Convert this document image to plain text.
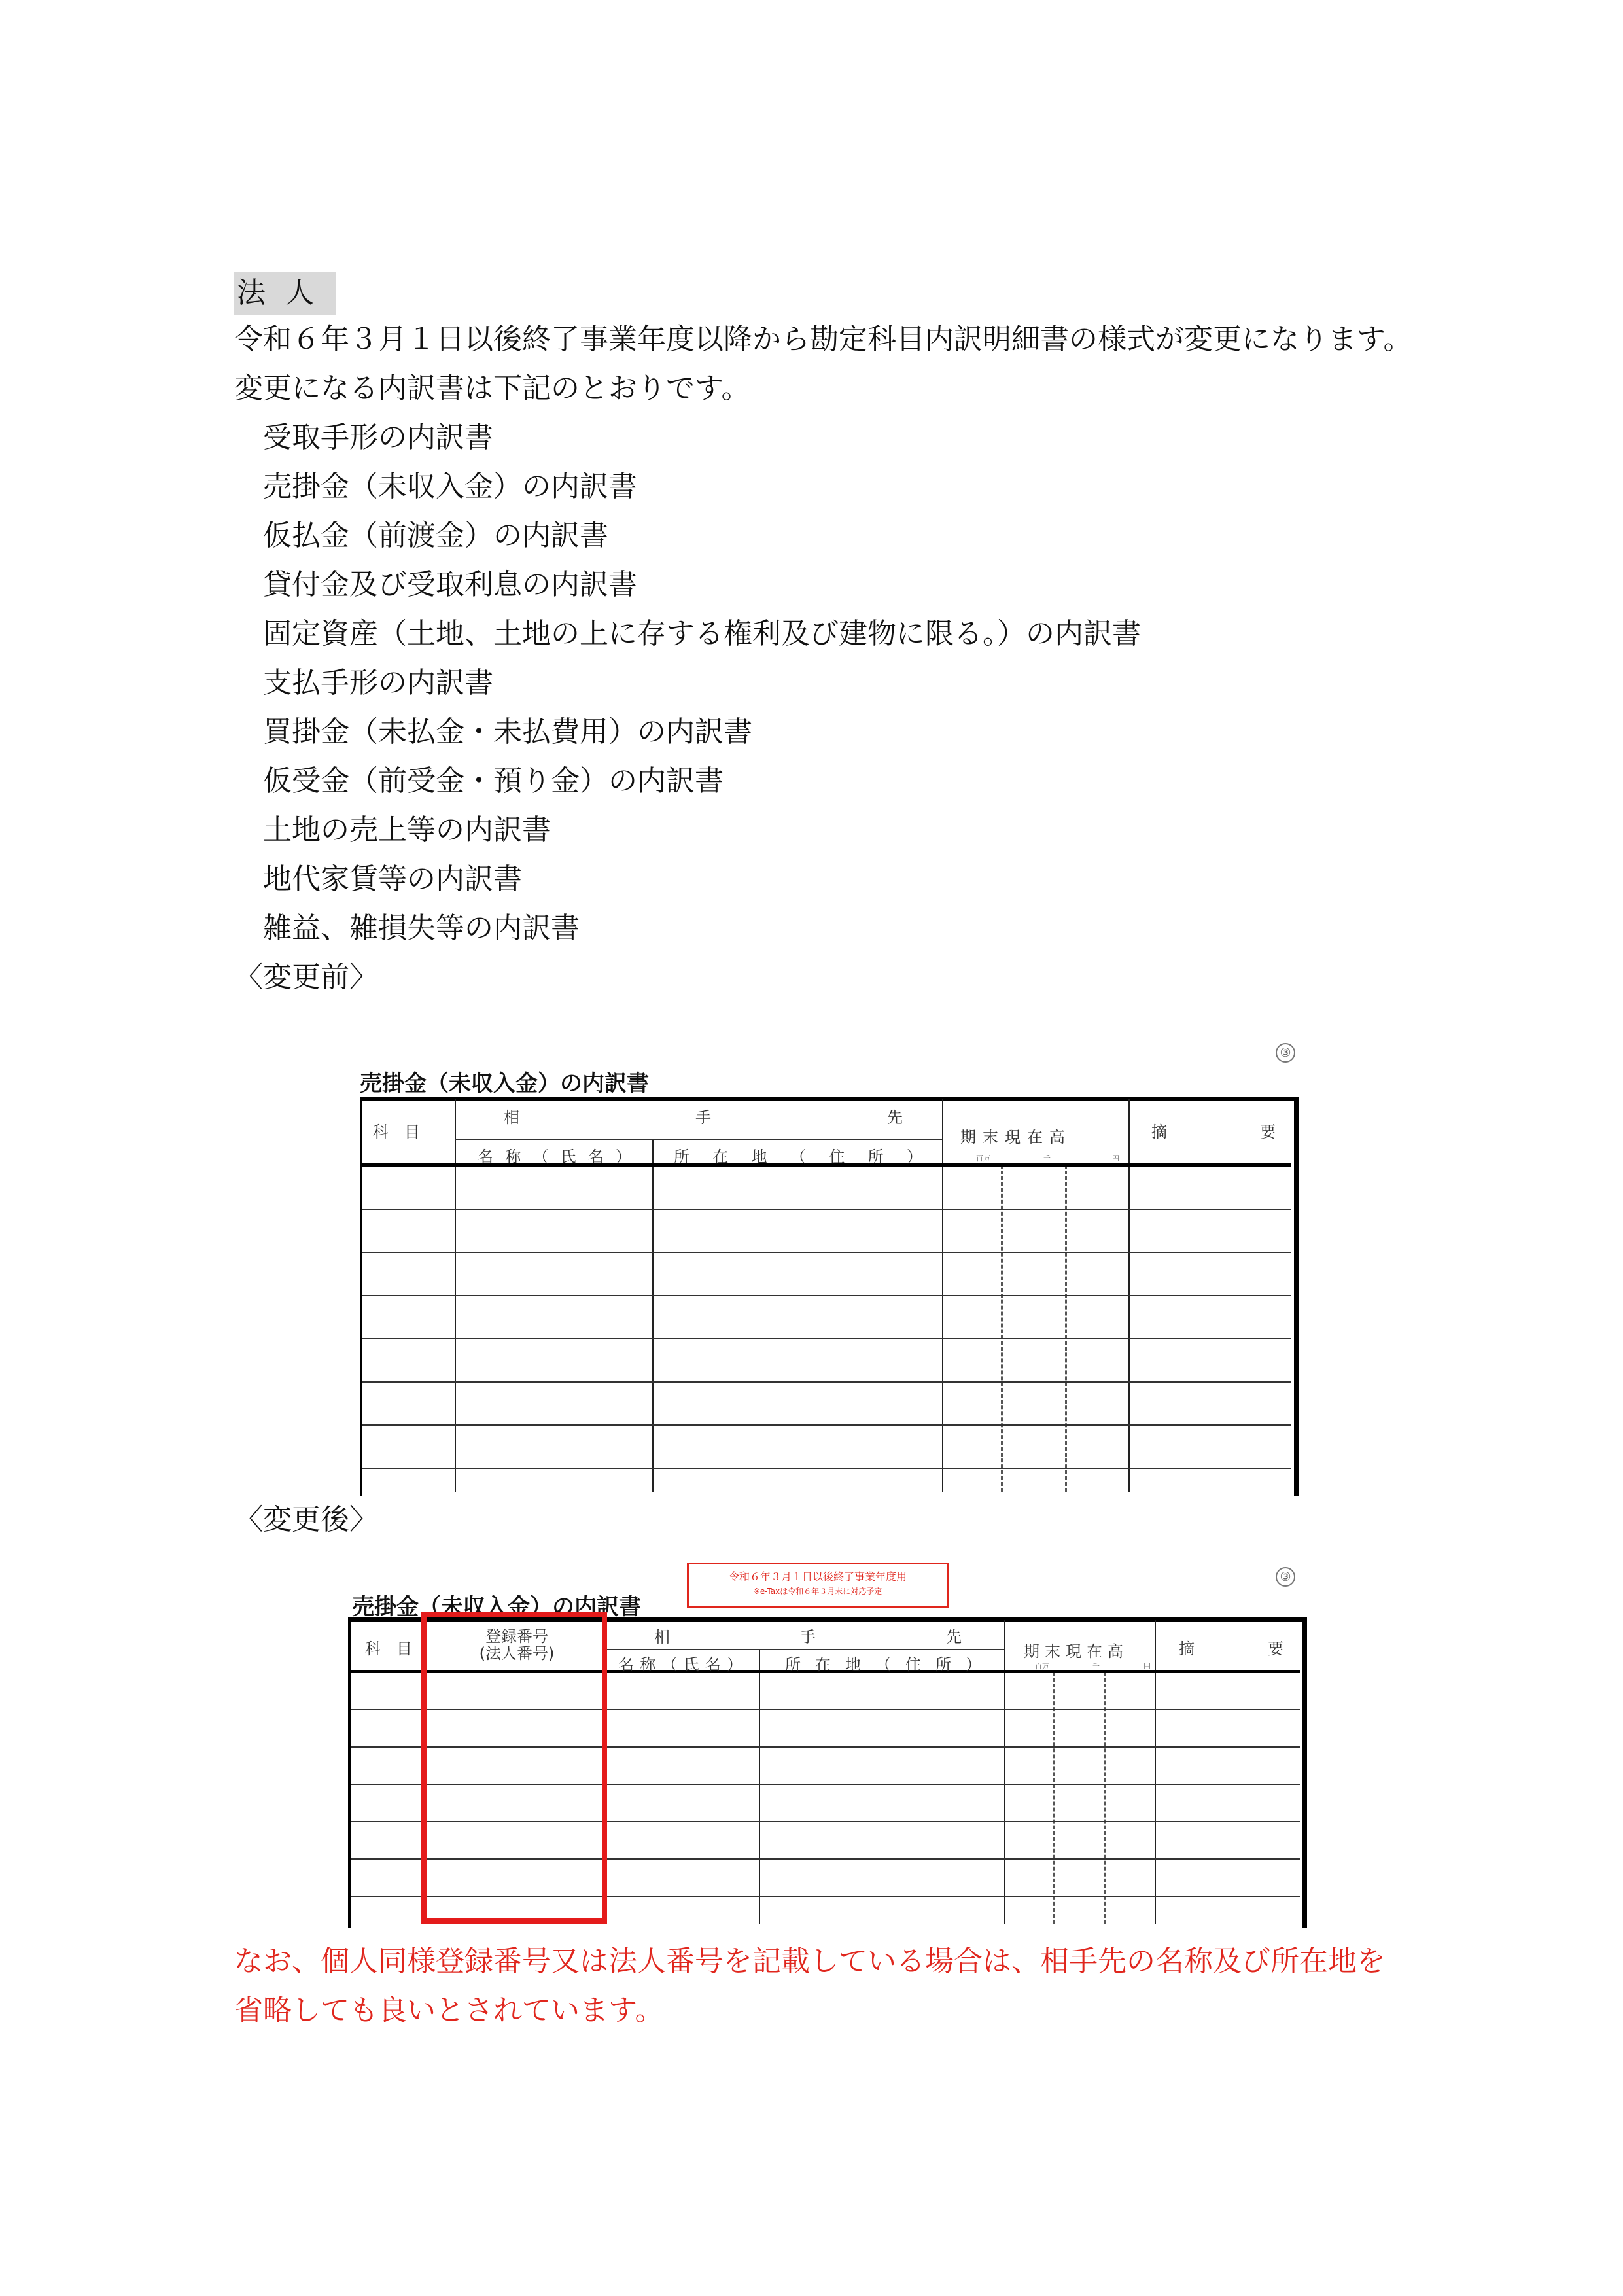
法人
令和６年３月１日以後終了事業年度以降から勘定科目内訳明細書の様式が変更になります。
変更になる内訳書は下記のとおりです。
受取手形の内訳書
売掛金（未収入金）の内訳書
仮払金（前渡金）の内訳書
貸付金及び受取利息の内訳書
固定資産（土地、土地の上に存する権利及び建物に限る。）の内訳書
支払手形の内訳書
買掛金（未払金・未払費用）の内訳書
仮受金（前受金・預り金）の内訳書
土地の売上等の内訳書
地代家賃等の内訳書
雑益、雑損失等の内訳書
〈変更前〉
③
売掛金（未収入金）の内訳書
科　目
相	手	先
名 称 （ 氏 名 ）	所 在 地 （ 住 所 ）
期末現在高
百万	千	円
摘	要
〈変更後〉
③
令和６年３月１日以後終了事業年度用
※e-Taxは令和６年３月末に対応予定
売掛金（未収入金）の内訳書
科　目
登録番号
(法人番号)
相	手	先
名 称 （ 氏 名 ）	所 在 地 （ 住 所 ）
期末現在高
百万	千	円
摘	要
なお、個人同様登録番号又は法人番号を記載している場合は、相手先の名称及び所在地を
省略しても良いとされています。
